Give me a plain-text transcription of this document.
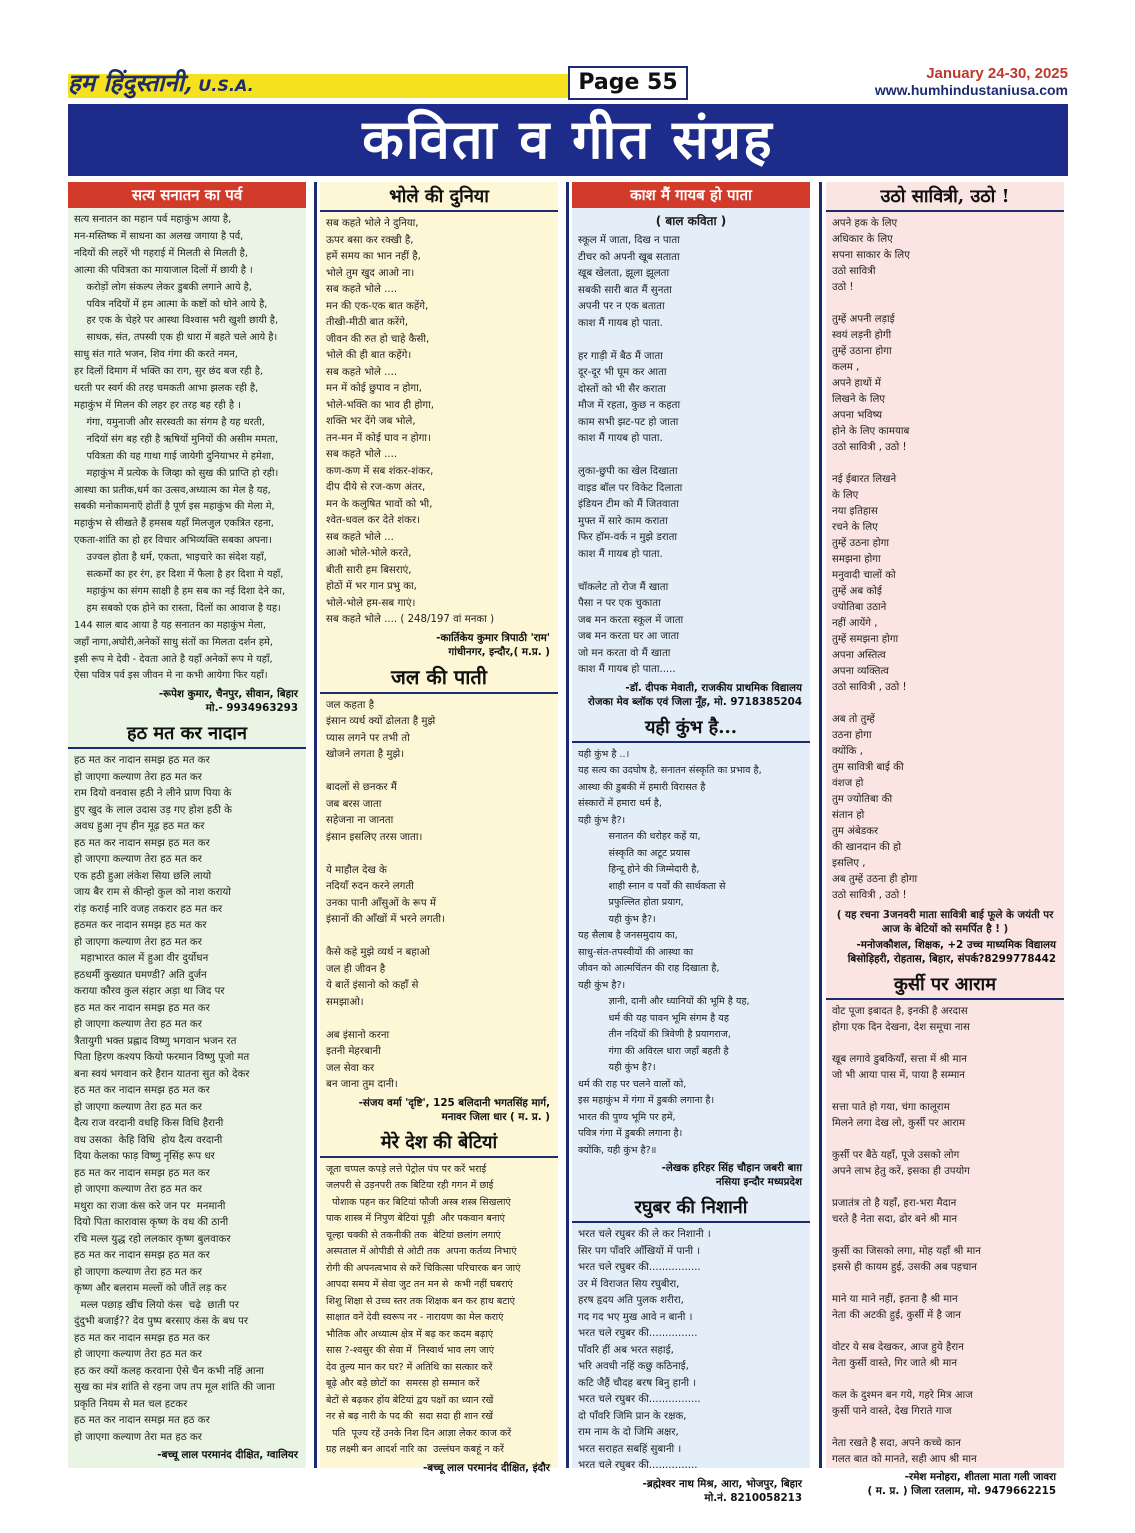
हम हिंदुस्तानी, U.S.A.	Page 55	January 24-30, 2025
www.humhindustaniusa.com
कविता व गीत संग्रह
सत्य सनातन का पर्व
सत्य सनातन का महान पर्व महाकुंभ आया है,
मन-मस्तिष्क में साधना का अलख जगाया है पर्व,
नदियों की लहरें भी गहराई में मिलती से मिलती है,
आत्मा की पवित्रता का मायाजाल दिलों में छायी है ।
करोड़ों लोग संकल्प लेकर डुबकी लगाने आये है,
पवित्र नदियों में हम आत्मा के कष्टों को धोने आये है,
हर एक के चेहरे पर आस्था विश्वास भरी खुशी छायी है,
साधक, संत, तपस्वी एक ही धारा में बहते चले आये है।
साधु संत गाते भजन, शिव गंगा की करते नमन,
हर दिलों दिमाग में भक्ति का राग, सुर छंद बज रही है,
धरती पर स्वर्ग की तरह चमकती आभा झलक रही है,
महाकुंभ में मिलन की लहर हर तरह बह रही है ।
गंगा, यमुनाजी और सरस्वती का संगम है यह धरती,
नदियों संग बह रही है ऋषियों मुनियों की असीम ममता,
पवित्रता की यह गाथा गाई जायेगी दुनियाभर मे हमेशा,
महाकुंभ में प्रत्येक के जिव्हा को सुख की प्राप्ति हो रही।
आस्था का प्रतीक,धर्म का उत्सव,अध्यात्म का मेल है यह,
सबकी मनोकामनाएँ होतीं है पूर्ण इस महाकुंभ की मेला मे,
महाकुंभ से सीखते हैं हमसब यहाँ मिलजुल एकत्रित रहना,
एकता-शांति का हो हर विचार अभिव्यक्ति सबका अपना।
उज्वल होता है धर्म, एकता, भाइचारे का संदेश यहाँ,
सत्कर्मों का हर रंग, हर दिशा में फैला है हर दिशा मे यहाँ,
महाकुंभ का संगम साक्षी है हम सब का नई दिशा देने का,
हम सबको एक होने का रास्ता, दिलों का आवाज है यह।
144 साल बाद आया है यह सनातन का महाकुंभ मेला,
जहाँ नागा,अघोरी,अनेकों साधु संतों का मिलता दर्शन हमे,
इसी रूप मे देवी - देवता आते है यहाँ अनेकों रूप मे यहाँ,
ऐसा पवित्र पर्व इस जीवन मे ना कभी आयेगा फिर यहाँ।
-रूपेश कुमार, चैनपुर, सीवान, बिहार
मो.- 9934963293
हठ मत कर नादान
हठ मत कर नादान समझ हठ मत कर
हो जाएगा कल्याण तेरा हठ मत कर
राम दियो वनवास हठी ने लीने प्राण पिया के
हुए खुद के लाल उदास उड़ गए होश हठी के
अवध हुआ नृप हीन मूढ़ हठ मत कर
हठ मत कर नादान समझ हठ मत कर
हो जाएगा कल्याण तेरा हठ मत कर
एक हठी हुआ लंकेश सिया छलि लायो
जाय बैर राम से कीन्हो कुल को नाश करायो
रांड़ कराई नारि वजह तकरार हठ मत कर
हठमत कर नादान समझ हठ मत कर
हो जाएगा कल्याण तेरा हठ मत कर
महाभारत काल में हुआ वीर दुर्योधन
हठधर्मी कुख्यात घमण्डी? अति दुर्जन
कराया कौरव कुल संहार अड़ा था जिद पर
हठ मत कर नादान समझ हठ मत कर
हो जाएगा कल्याण तेरा हठ मत कर
त्रैतायुगी भक्त प्रह्लाद विष्णु भगवान भजन रत
पिता हिरण कश्यप कियो फरमान विष्णु पूजो मत
बना स्वयं भगवान करे हैरान यातना सुत को देकर
हठ मत कर नादान समझ हठ मत कर
हो जाएगा कल्याण तेरा हठ मत कर
दैत्य राज वरदानी वधहि किस विधि हैरानी
वध उसका  केहि विधि  होय दैत्य वरदानी
दिया केलका फाड़ विष्णु नृसिंह रूप धर
हठ मत कर नादान समझ हठ मत कर
हो जाएगा कल्याण तेरा हठ मत कर
मथुरा का राजा कंस करे जन पर  मनमानी
दियो पिता कारावास कृष्ण के वध की ठानी
रचि मल्ल युद्ध रहो ललकार कृष्ण बुलवाकर
हठ मत कर नादान समझ हठ मत कर
हो जाएगा कल्याण तेरा हठ मत कर
कृष्ण और बलराम मल्लों को जीतें लड़ कर
मल्ल पछाड़ खींच लियो कंस  चढ़े  छाती पर
दुंदुभी बजाई?? देव पुष्प बरसाए कंस के बध पर
हठ मत कर नादान समझ हठ मत कर
हो जाएगा कल्याण तेरा हठ मत कर
हठ कर क्यों कलह करवाना ऐसे चैन कभी नहिं आना
सुख का मंत्र शांति से रहना जप तप मूल शांति की जाना
प्रकृति नियम से मत चल हटकर
हठ मत कर नादान समझ मत हठ कर
हो जाएगा कल्याण तेरा मत हठ कर
-बच्चू लाल परमानंद दीक्षित, ग्वालियर
भोले की दुनिया
सब कहते भोले ने दुनिया,
ऊपर बसा कर रक्खी है,
हमें समय का भान नहीं है,
भोले तुम खुद आओ ना।
सब कहते भोले ....
मन की एक-एक बात कहेंगे,
तीखी-मीठी बात करेंगे,
जीवन की रुत हो चाहे कैसी,
भोले की ही बात कहेंगे।
सब कहते भोले ....
मन में कोई छुपाव न होगा,
भोले-भक्ति का भाव ही होगा,
शक्ति भर देंगे जब भोले,
तन-मन में कोई घाव न होगा।
सब कहते भोले ....
कण-कण में सब शंकर-शंकर,
दीप दीये से रज-कण अंतर,
मन के कलुषित भावों को भी,
श्वेत-धवल कर देते शंकर।
सब कहते भोले ...
आओ भोले-भोले करते,
बीती सारी हम बिसराएं,
होठों में भर गान प्रभु का,
भोले-भोले हम-सब गाएं।
सब कहते भोले .... ( 248/197 वां मनका )
-कार्तिकेय कुमार त्रिपाठी 'राम'
गांधीनगर, इन्दौर,( म.प्र. )
जल की पाती
जल कहता है
इंसान व्यर्थ क्यों ढोलता है मुझे
प्यास लगने पर तभी तो
खोजने लगता है मुझे।

बादलों से छनकर मैं
जब बरस जाता
सहेजना ना जानता
इंसान इसलिए तरस जाता।

ये माहौल देख के
नदियाँ रुदन करने लगती
उनका पानी आँसुओं के रूप में
इंसानों की आँखों में भरने लगती।

कैसे कहे मुझे व्यर्थ न बहाओ
जल ही जीवन है
ये बातें इंसानो को कहाँ से
समझाओ।

अब इंसानो करना
इतनी मेहरबानी
जल सेवा कर
बन जाना तुम दानी।
-संजय वर्मा 'दृष्टि', 125 बलिदानी भगतसिंह मार्ग,
मनावर जिला धार ( म. प्र. )
मेरे देश की बेटियां
जूता चप्पल कपड़े लत्ते पेट्रोल पंप पर करें भराई
जलपरी से उड़नपरी तक बिटिया रही गगन में छाई
पोशाक पहन कर बिटियां फौजी अस्त्र शस्त्र सिखलाएं
पाक शास्त्र में निपुण बेटियां पूड़ी  और पकवान बनाएं
चूल्हा चक्की से तकनीकी तक  बेटियां छलांग लगाएं
अस्पताल में ओपीडी से ओटी तक  अपना कर्तव्य निभाएं
रोगी की अपनत्वभाव से करें चिकित्सा परिचारक बन जाएं
आपदा समय में सेवा जुट तन मन से  कभी नहीं घबराएं
शिशु शिक्षा से उच्च स्तर तक शिक्षक बन कर हाथ बटाएं
साक्षात वनें देवी स्वरूप नर - नारायण का मेल कराएं
भौतिक और अध्यात्म क्षेत्र में बढ़ कर कदम बढ़ाएं
सास ?-श्वसुर की सेवा में  निस्वार्थ भाव लग जाएं
देव तुल्य मान कर घर? में अतिथि का सत्कार करें
बूढ़े और बड़े छोटों का  समरस हो सम्मान करें
बेटों से बढ़कर होंय बेटियां द्वय पक्षों का ध्यान रखें
नर से बढ़ नारी के पद की  सदा सदा ही शान रखें
पति  पूज्य रहें उनके निश दिन आज्ञा लेकर काज करें
ग्रह लक्ष्मी बन आदर्श नारि का  उल्लंघन कबहूं न करें
-बच्चू लाल परमानंद दीक्षित, इंदौर
काश मैं गायब हो पाता
( बाल कविता )
स्कूल में जाता, दिख न पाता
टीचर को अपनी खूब सताता
खूब खेलता, झूला झूलता
सबकी सारी बात मैं सुनता
अपनी पर न एक बताता
काश मैं गायब हो पाता.

हर गाड़ी में बैठ मैं जाता
दूर-दूर भी घूम कर आता
दोस्तों को भी सैर कराता
मौज में रहता, कुछ न कहता
काम सभी झट-पट हो जाता
काश मैं गायब हो पाता.

लुका-छुपी का खेल दिखाता
वाइड बॉल पर विकेट दिलाता
इंडियन टीम को मैं जितवाता
मुफ्त में सारे काम कराता
फिर हॉम-वर्क न मुझे डराता
काश मैं गायब हो पाता.

चॉकलेट तो रोज मैं खाता
पैसा न पर एक चुकाता
जब मन करता स्कूल में जाता
जब मन करता घर आ जाता
जो मन करता वो मैं खाता
काश मैं गायब हो पाता.....
-डॉ. दीपक मेवाती, राजकीय प्राथमिक विद्यालय
रोजका मेव ब्लॉक एवं जिला नूँह, मो. 9718385204
यही कुंभ है...
यही कुंभ है ..।
यह सत्य का उदघोष है, सनातन संस्कृति का प्रभाव है,
आस्था की डुबकी में हमारी विरासत है
संस्कारों में हमारा धर्म है,
यही कुंभ है?।
सनातन की धरोहर कहें या,
संस्कृति का अटूट प्रयास
हिन्दू होने की जिम्मेदारी है,
शाही स्नान व पर्वों की सार्थकता से
प्रफुल्लित होता प्रयाग,
यही कुंभ है?।
यह सैलाब है जनसमुदाय का,
साधु-संत-तपस्वीयों की आस्था का
जीवन को आत्मचिंतन की राह दिखाता है,
यही कुंभ है?।
ज्ञानी, दानी और ध्यानियों की भूमि है यह,
धर्म की यह पावन भूमि संगम है यह
तीन नदियों की त्रिवेणी है प्रयागराज,
गंगा की अविरल धारा जहाँ बहती है
यही कुंभ है?।
धर्म की राह पर चलने वालों को,
इस महाकुंभ में गंगा में डुबकी लगाना है।
भारत की पुण्य भूमि पर हमें,
पवित्र गंगा में डुबकी लगाना है।
क्योंकि, यही कुंभ है?॥
-लेखक हरिहर सिंह चौहान जबरी बाग़
नसिया इन्दौर मध्यप्रदेश
रघुबर की निशानी
भरत चले रघुबर की ले कर निशानी ।
सिर पग पाँवरि आँखियों में पानी ।
भरत चले रघुबर की................
उर में विराजत सिय रघुबीरा,
हरष हृदय अति पुलक शरीरा,
गद गद भए मुख आवे न बानी ।
भरत चले रघुबर की...............
पाँवरि हीं अब भरत सहाई,
भरि अवधी नहिं कछु कठिनाई,
कटि जैहैं चौदह बरष बिनु हानी ।
भरत चले रघुबर की................
दो पाँवरि जिमि प्रान के रक्षक,
राम नाम के दो जिमि अक्षर,
भरत सराहत सबहिं सुबानी ।
भरत चले रघुबर की...............
-ब्रह्मेश्वर नाथ मिश्र, आरा, भोजपुर, बिहार
मो.नं. 8210058213
उठो सावित्री, उठो !
अपने हक के लिए
अधिकार के लिए
सपना साकार के लिए
उठो सावित्री
उठो !

तुम्हें अपनी लड़ाई
स्वयं लड़नी होगी
तुम्हें उठाना होगा
कलम ,
अपने हाथों में
लिखने के लिए
अपना भविष्य
होने के लिए कामयाब
उठो सावित्री , उठो !

नई ईबारत लिखने
के लिए
नया इतिहास
रचने के लिए
तुम्हें उठना होगा
समझना होगा
मनुवादी चालों को
तुम्हें अब कोई
ज्योतिबा उठाने
नहीं आयेंगे ,
तुम्हें समझना होगा
अपना अस्तित्व
अपना व्यक्तित्व
उठो सावित्री , उठो !

अब तो तुम्हें
उठना होगा
क्योंकि ,
तुम सावित्री बाई की
वंशज हो
तुम ज्योतिबा की
संतान हो
तुम अंबेडकर
की खानदान की हो
इसलिए ,
अब तुम्हें उठना ही होगा
उठो सावित्री , उठो !
( यह रचना 3जनवरी माता सावित्री बाई फूले के जयंती पर आज के बेटियों को समर्पित है ! )
-मनोजकौशल, शिक्षक, +2 उच्च माध्यमिक विद्यालय
बिसोड़िहरी, रोहतास, बिहार, संपर्क?8299778442
कुर्सी पर आराम
वोट पूजा इबादत है, इनकी है अरदास
होगा एक दिन देखना, देश समूचा नास

खूब लगावे डुबकियाँ, सत्ता में श्री मान
जो भी आया पास में, पाया है सम्मान

सत्ता पाते हो गया, चंगा कालूराम
मिलने लगा देख लो, कुर्सी पर आराम

कुर्सी पर बैठे यहाँ, पूजे उसको लोग
अपने लाभ हेतु करें, इसका ही उपयोग

प्रजातंत्र तो है यहाँ, हरा-भरा मैदान
चरते है नेता सदा, ढोर बने श्री मान

कुर्सी का जिसको लगा, मोह यहाँ श्री मान
इससे ही कायम हुई, उसकी अब पहचान

माने या माने नहीं, इतना है श्री मान
नेता की अटकी हुई, कुर्सी में है जान

वोटर ये सब देखकर, आज हुये हैरान
नेता कुर्सी वास्ते, गिर जाते श्री मान

कल के दुश्मन बन गये, गहरे मित्र आज
कुर्सी पाने वास्ते, देख गिराते गाज

नेता रखते है सदा, अपने कच्चे कान
गलत बात को मानते, सही आप श्री मान
-रमेश मनोहरा, शीतला माता गली जावरा
( म. प्र. ) जिला रतलाम, मो. 9479662215
